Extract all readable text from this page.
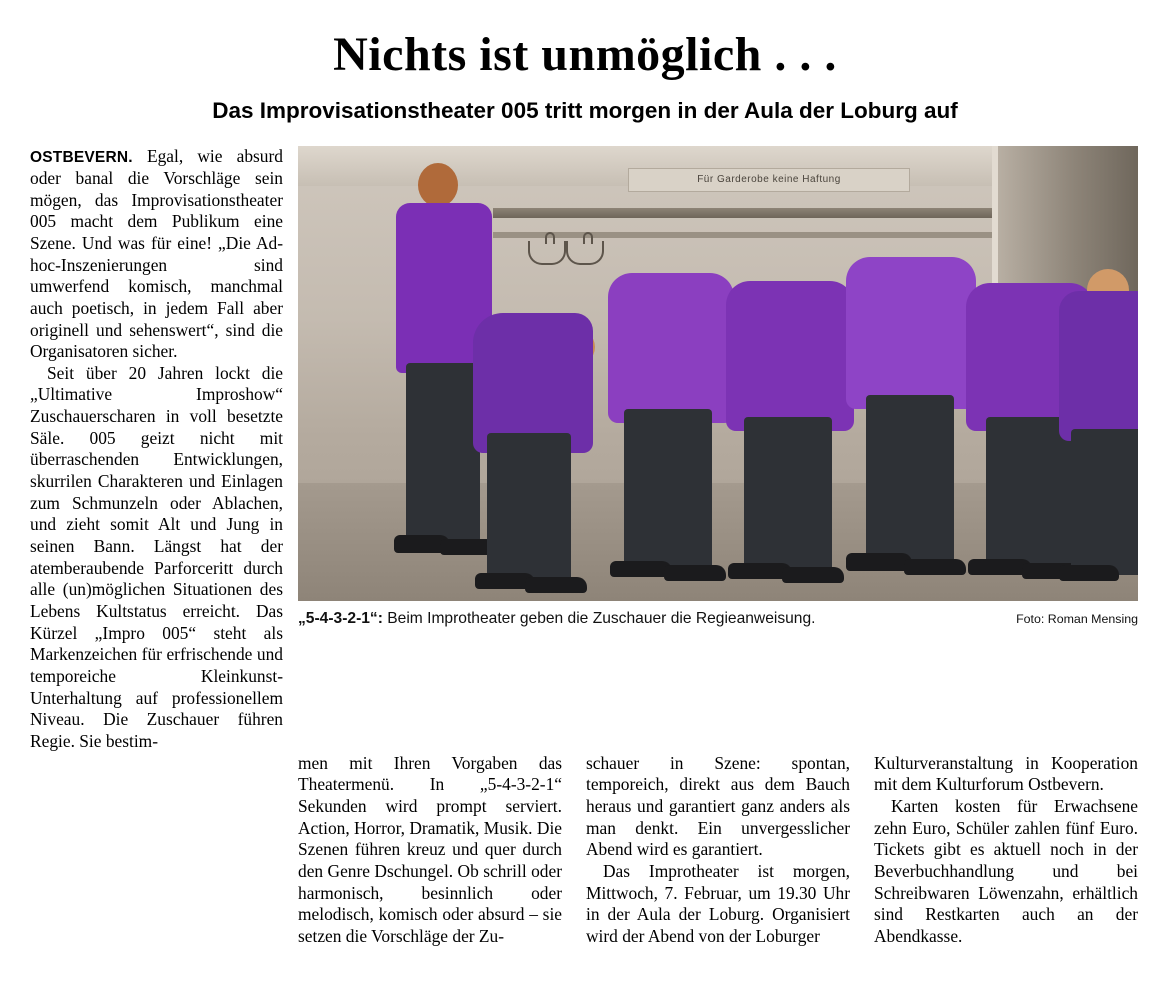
Nichts ist unmöglich . . .
Das Improvisationstheater 005 tritt morgen in der Aula der Loburg auf

OSTBEVERN. Egal, wie absurd oder banal die Vorschläge sein mögen, das Improvisationstheater 005 macht dem Publikum eine Szene. Und was für eine! „Die Ad-hoc-Inszenierungen sind umwerfend komisch, manchmal auch poetisch, in jedem Fall aber originell und sehenswert“, sind die Organisatoren sicher.

Seit über 20 Jahren lockt die „Ultimative Improshow“ Zuschauerscharen in voll besetzte Säle. 005 geizt nicht mit überraschenden Entwicklungen, skurrilen Charakteren und Einlagen zum Schmunzeln oder Ablachen, und zieht somit Alt und Jung in seinen Bann. Längst hat der atemberaubende Parforceritt durch alle (un)möglichen Situationen des Lebens Kultstatus erreicht. Das Kürzel „Impro 005“ steht als Markenzeichen für erfrischende und temporeiche Kleinkunst-Unterhaltung auf professionellem Niveau. Die Zuschauer führen Regie. Sie bestim-

Für Garderobe keine Haftung
„5-4-3-2-1“: Beim Improtheater geben die Zuschauer die Regieanweisung.	Foto: Roman Mensing

men mit Ihren Vorgaben das Theatermenü. In „5-4-3-2-1“ Sekunden wird prompt serviert. Action, Horror, Dramatik, Musik. Die Szenen führen kreuz und quer durch den Genre Dschungel. Ob schrill oder harmonisch, besinnlich oder melodisch, komisch oder absurd – sie setzen die Vorschläge der Zu-

schauer in Szene: spontan, temporeich, direkt aus dem Bauch heraus und garantiert ganz anders als man denkt. Ein unvergesslicher Abend wird es garantiert.

Das Improtheater ist morgen, Mittwoch, 7. Februar, um 19.30 Uhr in der Aula der Loburg. Organisiert wird der Abend von der Loburger

Kulturveranstaltung in Kooperation mit dem Kulturforum Ostbevern.

Karten kosten für Erwachsene zehn Euro, Schüler zahlen fünf Euro. Tickets gibt es aktuell noch in der Beverbuchhandlung und bei Schreibwaren Löwenzahn, erhältlich sind Restkarten auch an der Abendkasse.
